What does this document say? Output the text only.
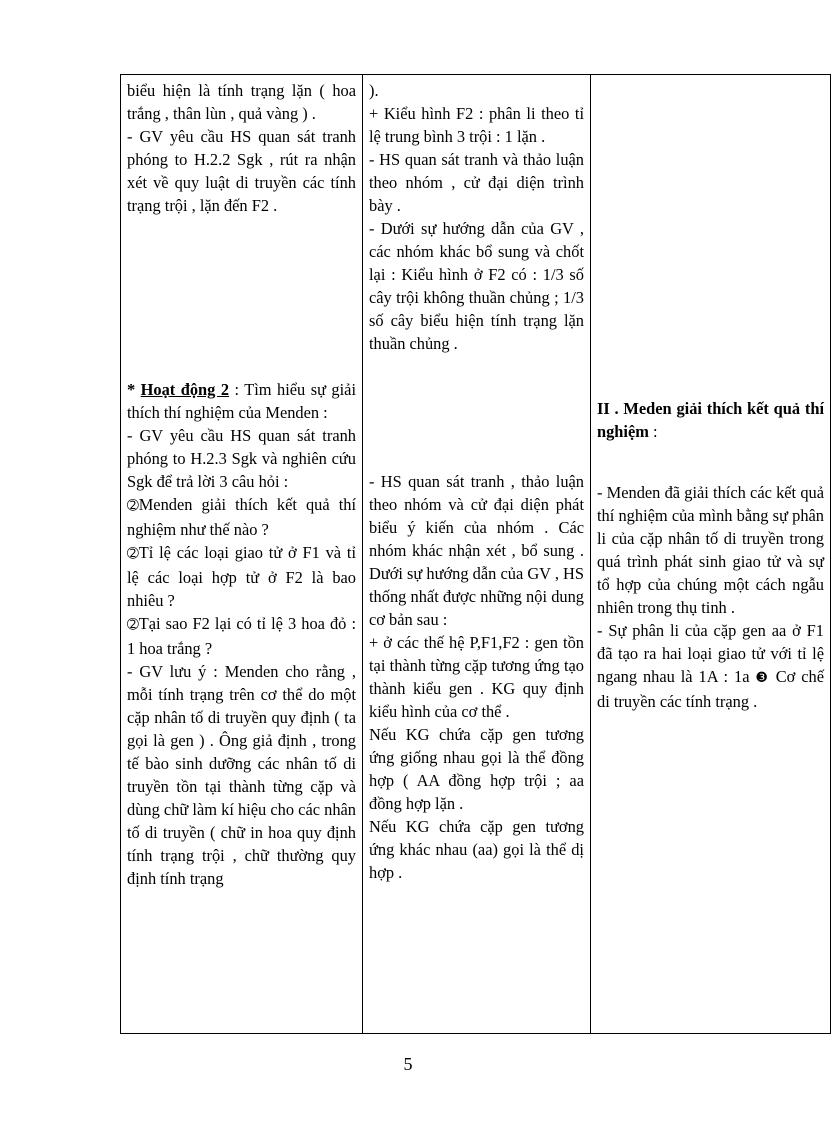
biểu hiện là tính trạng lặn ( hoa trắng , thân lùn , quả vàng ) .
- GV yêu cầu HS quan sát tranh phóng to H.2.2 Sgk , rút ra nhận xét về quy luật di truyền các tính trạng trội , lặn đến F2 .
* Hoạt động 2 : Tìm hiểu sự giải thích thí nghiệm của Menden :
- GV yêu cầu HS quan sát tranh phóng to H.2.3 Sgk và nghiên cứu Sgk để trả lời 3 câu hỏi :
➁Menden giải thích kết quả thí nghiệm như thế nào ?
➁Tỉ lệ các loại giao tử ở F1 và tỉ lệ các loại hợp tử ở F2 là bao nhiêu ?
➁Tại sao F2 lại có tỉ lệ 3 hoa đỏ : 1 hoa trắng ?
- GV lưu ý : Menden cho rằng , mỗi tính trạng trên cơ thể do một cặp nhân tố di truyền quy định ( ta gọi là gen ) . Ông giả định , trong tế bào sinh dưỡng các nhân tố di truyền tồn tại thành từng cặp và dùng chữ làm kí hiệu cho các nhân tố di truyền ( chữ in hoa quy định tính trạng trội , chữ thường quy định tính trạng

).
+ Kiểu hình F2 : phân li theo tỉ lệ trung bình 3 trội : 1 lặn .
- HS quan sát tranh và thảo luận theo nhóm , cử đại diện trình bày .
- Dưới sự hướng dẫn của GV , các nhóm khác bổ sung và chốt lại : Kiểu hình ở F2 có : 1/3 số cây trội không thuần chủng ; 1/3 số cây biểu hiện tính trạng lặn thuần chủng .
- HS quan sát tranh , thảo luận theo nhóm và cử đại diện phát biểu ý kiến của nhóm . Các nhóm khác nhận xét , bổ sung . Dưới sự hướng dẫn của GV , HS thống nhất được những nội dung cơ bản sau :
+ ở các thế hệ P,F1,F2 : gen tồn tại thành từng cặp tương ứng tạo thành kiểu gen . KG quy định kiểu hình của cơ thể .
Nếu KG chứa cặp gen tương ứng giống nhau gọi là thể đồng hợp ( AA đồng hợp trội ; aa đồng hợp lặn .
Nếu KG chứa cặp gen tương ứng khác nhau (aa) gọi là thể dị hợp .

II . Meden giải thích kết quả thí nghiệm :
- Menden đã giải thích các kết quả thí nghiệm của mình bằng sự phân li của cặp nhân tố di truyền trong quá trình phát sinh giao tử và sự tổ hợp của chúng một cách ngẫu nhiên trong thụ tinh .
- Sự phân li của cặp gen aa ở F1 đã tạo ra hai loại giao tử với tỉ lệ ngang nhau là 1A : 1a ❸ Cơ chế di truyền các tính trạng .
5
